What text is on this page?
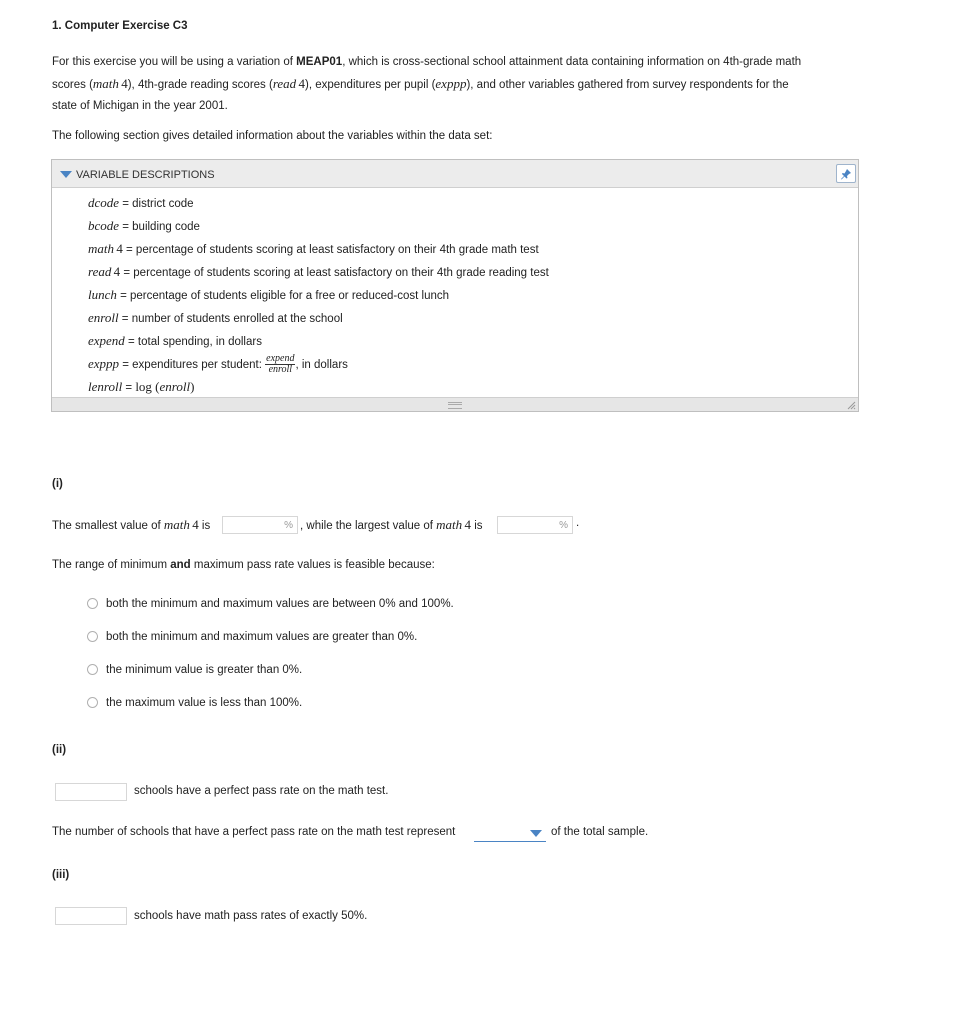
1. Computer Exercise C3
For this exercise you will be using a variation of MEAP01, which is cross-sectional school attainment data containing information on 4th-grade math
scores (math  4), 4th-grade reading scores (read  4), expenditures per pupil (exppp), and other variables gathered from survey respondents for the
state of Michigan in the year 2001.
The following section gives detailed information about the variables within the data set:
VARIABLE DESCRIPTIONS
dcode = district code
bcode = building code
math  4 = percentage of students scoring at least satisfactory on their 4th grade math test
read  4 = percentage of students scoring at least satisfactory on their 4th grade reading test
lunch = percentage of students eligible for a free or reduced-cost lunch
enroll = number of students enrolled at the school
expend = total spending, in dollars
exppp = expenditures per student: $\frac{\text{expend}}{\text{enroll}}$ , in dollars
lenroll = log (enroll)
(i)
The smallest value of math  4 is	% , while the largest value of math  4 is	% .
The range of minimum and maximum pass rate values is feasible because:
both the minimum and maximum values are between 0% and 100%.
both the minimum and maximum values are greater than 0%.
the minimum value is greater than 0%.
the maximum value is less than 100%.
(ii)
schools have a perfect pass rate on the math test.
The number of schools that have a perfect pass rate on the math test represent	of the total sample.
(iii)
schools have math pass rates of exactly 50%.
